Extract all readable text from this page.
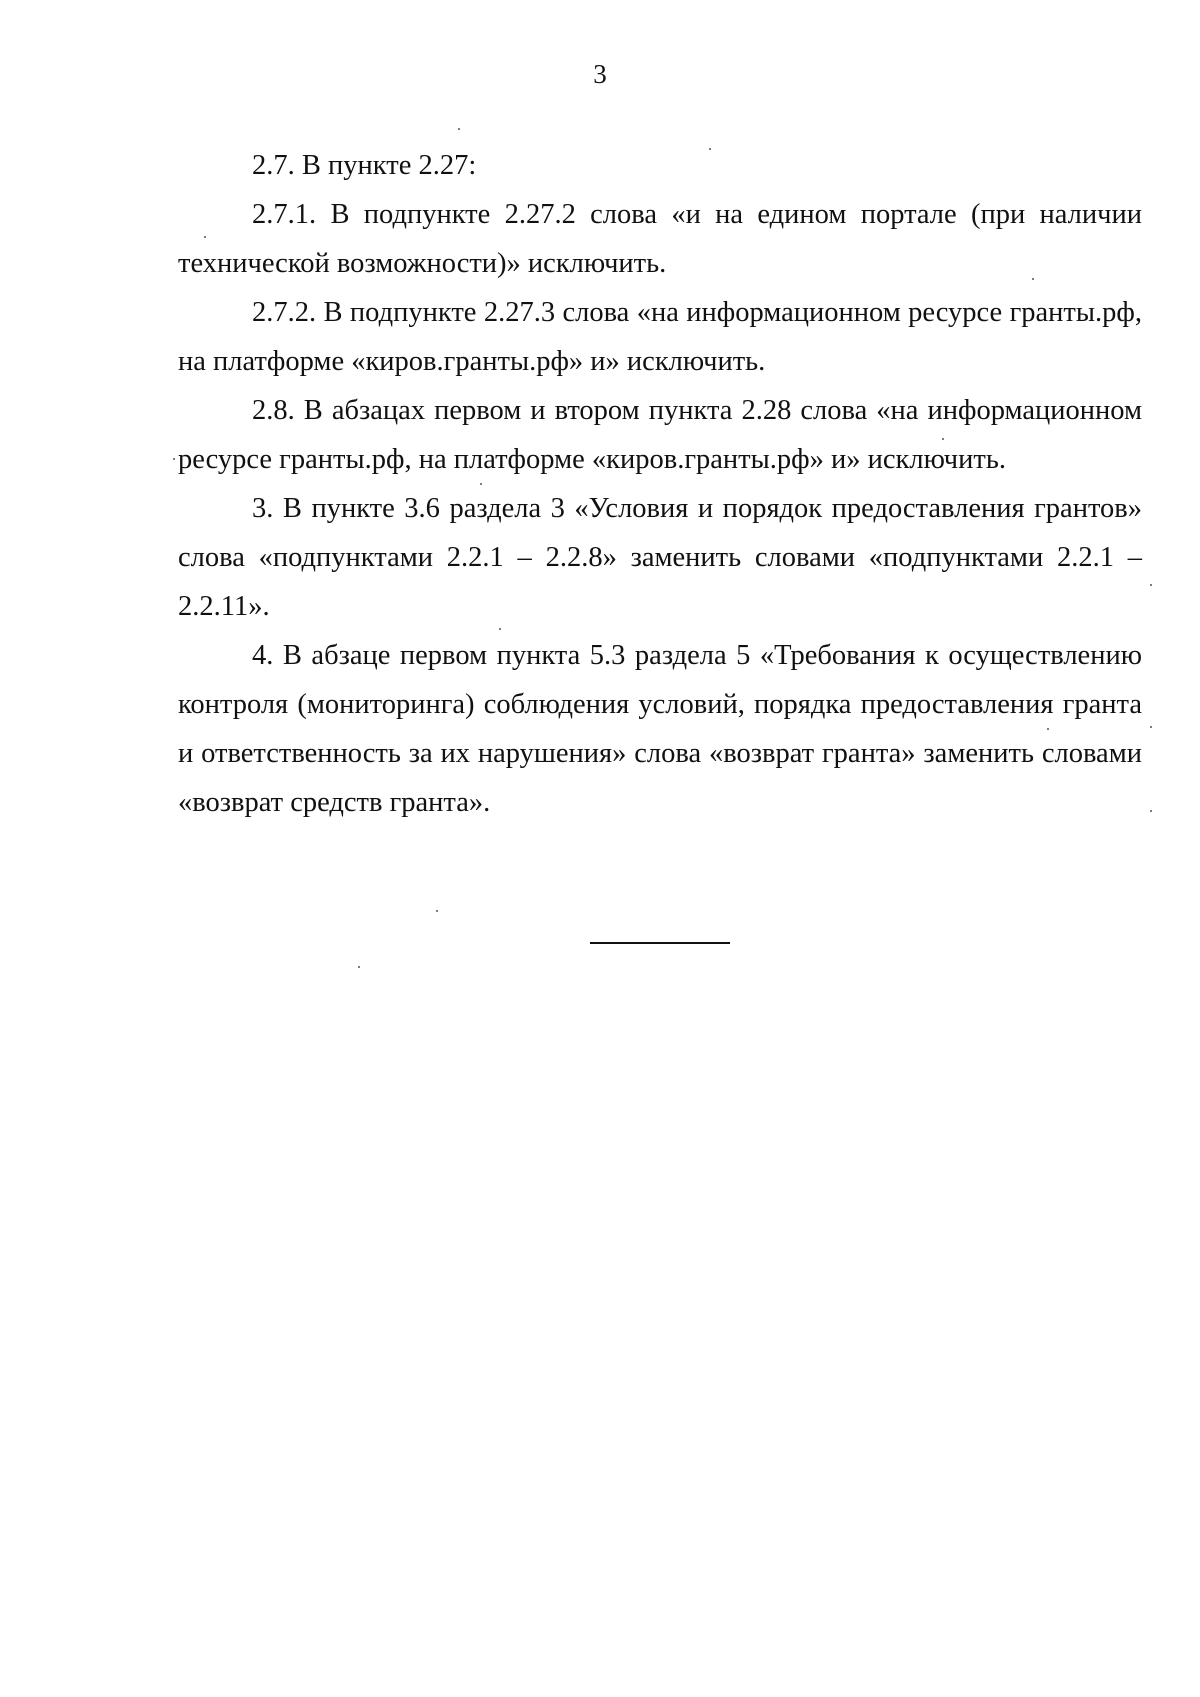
3

2.7. В пункте 2.27:

2.7.1. В подпункте 2.27.2 слова «и на едином портале (при наличии технической возможности)» исключить.

2.7.2. В подпункте 2.27.3 слова «на информационном ресурсе гранты.рф, на платформе «киров.гранты.рф» и» исключить.

2.8. В абзацах первом и втором пункта 2.28 слова «на информационном ресурсе гранты.рф, на платформе «киров.гранты.рф» и» исключить.

3. В пункте 3.6 раздела 3 «Условия и порядок предоставления грантов» слова «подпунктами 2.2.1 – 2.2.8» заменить словами «подпунктами 2.2.1 – 2.2.11».

4. В абзаце первом пункта 5.3 раздела 5 «Требования к осуществлению контроля (мониторинга) соблюдения условий, порядка предоставления гранта и ответственность за их нарушения» слова «возврат гранта» заменить словами «возврат средств гранта».
